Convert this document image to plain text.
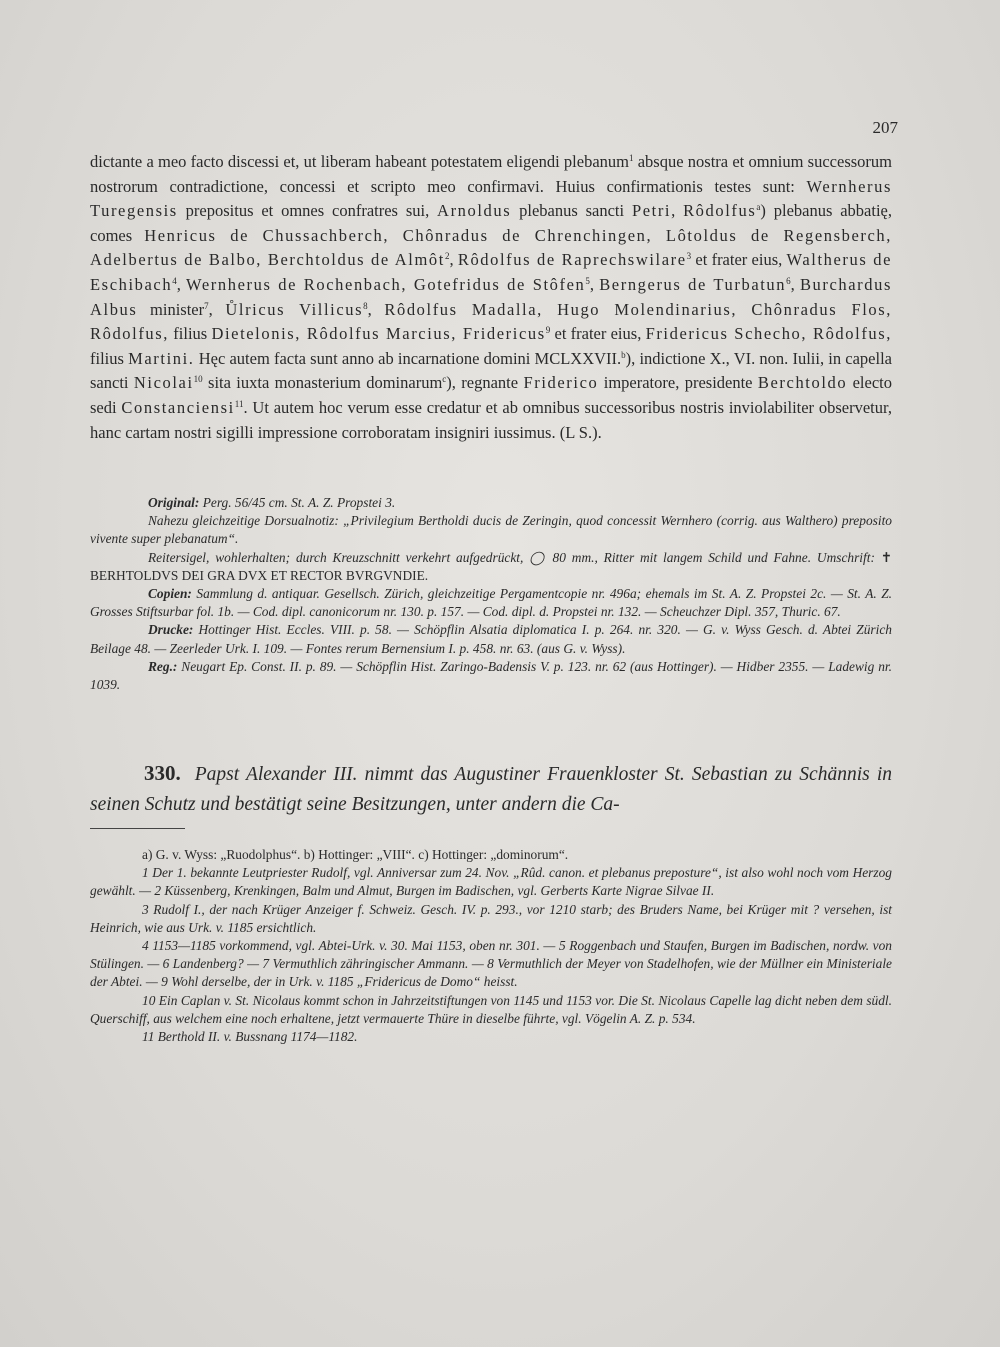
207

dictante a meo facto discessi et, ut liberam habeant potestatem eligendi plebanum$^1$ absque nostra et omnium successorum nostrorum contradictione, concessi et scripto meo confirmavi. Huius confirmationis testes sunt: Wernherus Turegensis prepositus et omnes confratres sui, Arnoldus plebanus sancti Petri, Rôdolfus$^a$) plebanus abbatię, comes Henricus de Chussachberch, Chônradus de Chrenchingen, Lôtoldus de Regensberch, Adelbertus de Balbo, Berchtoldus de Almôt$^2$, Rôdolfus de Raprechswilare$^3$ et frater eius, Waltherus de Eschibach$^4$, Wernherus de Rochenbach, Gotefridus de Stôfen$^5$, Berngerus de Turbatun$^6$, Burchardus Albus minister$^7$, Ůlricus Villicus$^8$, Rôdolfus Madalla, Hugo Molendinarius, Chônradus Flos, Rôdolfus, filius Dietelonis, Rôdolfus Marcius, Fridericus$^9$ et frater eius, Fridericus Schecho, Rôdolfus, filius Martini. Hęc autem facta sunt anno ab incarnatione domini MCLXXVII.$^b$), indictione X., VI. non. Iulii, in capella sancti Nicolai$^{10}$ sita iuxta monasterium dominarum$^c$), regnante Friderico imperatore, presidente Berchtoldo electo sedi Constanciensi$^{11}$. Ut autem hoc verum esse credatur et ab omnibus successoribus nostris inviolabiliter observetur, hanc cartam nostri sigilli impressione corroboratam insigniri iussimus. (L S.).

Original: Perg. 56/45 cm. St. A. Z. Propstei 3.

Nahezu gleichzeitige Dorsualnotiz: „Privilegium Bertholdi ducis de Zeringin, quod concessit Wernhero (corrig. aus Walthero) preposito vivente super plebanatum“.

Reitersigel, wohlerhalten; durch Kreuzschnitt verkehrt aufgedrückt, ◯ 80 mm., Ritter mit langem Schild und Fahne. Umschrift: ✝ BERHTOLDVS DEI GRA DVX ET RECTOR BVRGVNDIE.

Copien: Sammlung d. antiquar. Gesellsch. Zürich, gleichzeitige Pergamentcopie nr. 496a; ehemals im St. A. Z. Propstei 2c. — St. A. Z. Grosses Stiftsurbar fol. 1b. — Cod. dipl. canonicorum nr. 130. p. 157. — Cod. dipl. d. Propstei nr. 132. — Scheuchzer Dipl. 357, Thuric. 67.

Drucke: Hottinger Hist. Eccles. VIII. p. 58. — Schöpflin Alsatia diplomatica I. p. 264. nr. 320. — G. v. Wyss Gesch. d. Abtei Zürich Beilage 48. — Zeerleder Urk. I. 109. — Fontes rerum Bernensium I. p. 458. nr. 63. (aus G. v. Wyss).

Reg.: Neugart Ep. Const. II. p. 89. — Schöpflin Hist. Zaringo-Badensis V. p. 123. nr. 62 (aus Hottinger). — Hidber 2355. — Ladewig nr. 1039.

330. Papst Alexander III. nimmt das Augustiner Frauenkloster St. Sebastian zu Schännis in seinen Schutz und bestätigt seine Besitzungen, unter andern die Ca-

a) G. v. Wyss: „Ruodolphus“. b) Hottinger: „VIII“. c) Hottinger: „dominorum“.

1 Der 1. bekannte Leutpriester Rudolf, vgl. Anniversar zum 24. Nov. „Rûd. canon. et plebanus preposture“, ist also wohl noch vom Herzog gewählt. — 2 Küssenberg, Krenkingen, Balm und Almut, Burgen im Badischen, vgl. Gerberts Karte Nigrae Silvae II.

3 Rudolf I., der nach Krüger Anzeiger f. Schweiz. Gesch. IV. p. 293., vor 1210 starb; des Bruders Name, bei Krüger mit ? versehen, ist Heinrich, wie aus Urk. v. 1185 ersichtlich.

4 1153—1185 vorkommend, vgl. Abtei-Urk. v. 30. Mai 1153, oben nr. 301. — 5 Roggenbach und Staufen, Burgen im Badischen, nordw. von Stülingen. — 6 Landenberg? — 7 Vermuthlich zähringischer Ammann. — 8 Vermuthlich der Meyer von Stadelhofen, wie der Müllner ein Ministeriale der Abtei. — 9 Wohl derselbe, der in Urk. v. 1185 „Fridericus de Domo“ heisst.

10 Ein Caplan v. St. Nicolaus kommt schon in Jahrzeitstiftungen von 1145 und 1153 vor. Die St. Nicolaus Capelle lag dicht neben dem südl. Querschiff, aus welchem eine noch erhaltene, jetzt vermauerte Thüre in dieselbe führte, vgl. Vögelin A. Z. p. 534.

11 Berthold II. v. Bussnang 1174—1182.
